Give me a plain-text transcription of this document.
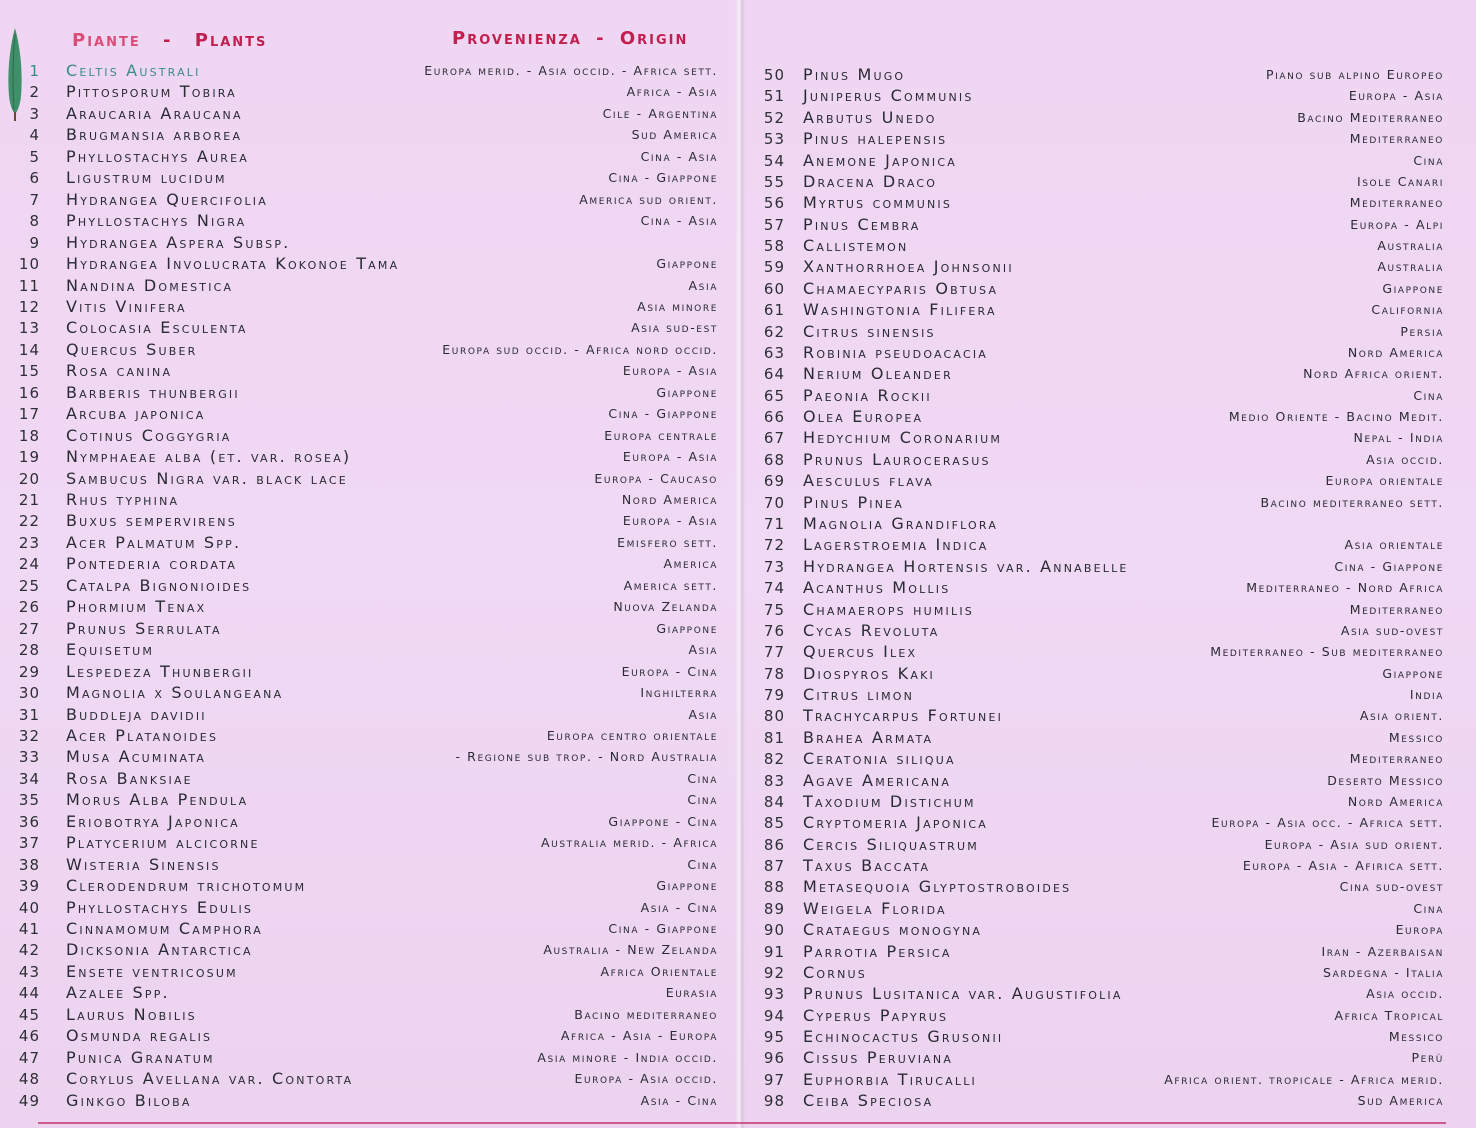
Piante - Plants	Provenienza - Origin
1 Celtis Australi	Europa merid. - Asia occid. - Africa sett.
2 Pittosporum Tobira	Africa - Asia
3 Araucaria Araucana	Cile - Argentina
4 Brugmansia arborea	Sud America
5 Phyllostachys Aurea	Cina - Asia
6 Ligustrum lucidum	Cina - Giappone
7 Hydrangea Quercifolia	America sud orient.
8 Phyllostachys Nigra	Cina - Asia
9 Hydrangea Aspera Subsp.
10 Hydrangea Involucrata Kokonoe Tama	Giappone
11 Nandina Domestica	Asia
12 Vitis Vinifera	Asia minore
13 Colocasia Esculenta	Asia sud-est
14 Quercus Suber	Europa sud occid. - Africa nord occid.
15 Rosa canina	Europa - Asia
16 Barberis thunbergii	Giappone
17 Arcuba japonica	Cina - Giappone
18 Cotinus Coggygria	Europa centrale
19 Nymphaeae alba (et. var. rosea)	Europa - Asia
20 Sambucus Nigra var. black lace	Europa - Caucaso
21 Rhus typhina	Nord America
22 Buxus sempervirens	Europa - Asia
23 Acer Palmatum Spp.	Emisfero sett.
24 Pontederia cordata	America
25 Catalpa Bignonioides	America sett.
26 Phormium Tenax	Nuova Zelanda
27 Prunus Serrulata	Giappone
28 Equisetum	Asia
29 Lespedeza Thunbergii	Europa - Cina
30 Magnolia x Soulangeana	Inghilterra
31 Buddleja davidii	Asia
32 Acer Platanoides	Europa centro orientale
33 Musa Acuminata	- Regione sub trop. - Nord Australia
34 Rosa Banksiae	Cina
35 Morus Alba Pendula	Cina
36 Eriobotrya Japonica	Giappone - Cina
37 Platycerium alcicorne	Australia merid. - Africa
38 Wisteria Sinensis	Cina
39 Clerodendrum trichotomum	Giappone
40 Phyllostachys Edulis	Asia - Cina
41 Cinnamomum Camphora	Cina - Giappone
42 Dicksonia Antarctica	Australia - New Zelanda
43 Ensete ventricosum	Africa Orientale
44 Azalee Spp.	Eurasia
45 Laurus Nobilis	Bacino mediterraneo
46 Osmunda regalis	Africa - Asia - Europa
47 Punica Granatum	Asia minore - India occid.
48 Corylus Avellana var. Contorta	Europa - Asia occid.
49 Ginkgo Biloba	Asia - Cina
50 Pinus Mugo	Piano sub alpino Europeo
51 Juniperus Communis	Europa - Asia
52 Arbutus Unedo	Bacino Mediterraneo
53 Pinus halepensis	Mediterraneo
54 Anemone Japonica	Cina
55 Dracena Draco	Isole Canari
56 Myrtus communis	Mediterraneo
57 Pinus Cembra	Europa - Alpi
58 Callistemon	Australia
59 Xanthorrhoea Johnsonii	Australia
60 Chamaecyparis Obtusa	Giappone
61 Washingtonia Filifera	California
62 Citrus sinensis	Persia
63 Robinia pseudoacacia	Nord America
64 Nerium Oleander	Nord Africa orient.
65 Paeonia Rockii	Cina
66 Olea Europea	Medio Oriente - Bacino Medit.
67 Hedychium Coronarium	Nepal - India
68 Prunus Laurocerasus	Asia occid.
69 Aesculus flava	Europa orientale
70 Pinus Pinea	Bacino mediterraneo sett.
71 Magnolia Grandiflora
72 Lagerstroemia Indica	Asia orientale
73 Hydrangea Hortensis var. Annabelle	Cina - Giappone
74 Acanthus Mollis	Mediterraneo - Nord Africa
75 Chamaerops humilis	Mediterraneo
76 Cycas Revoluta	Asia sud-ovest
77 Quercus Ilex	Mediterraneo - Sub mediterraneo
78 Diospyros Kaki	Giappone
79 Citrus limon	India
80 Trachycarpus Fortunei	Asia orient.
81 Brahea Armata	Messico
82 Ceratonia siliqua	Mediterraneo
83 Agave Americana	Deserto Messico
84 Taxodium Distichum	Nord America
85 Cryptomeria Japonica	Europa - Asia occ. - Africa sett.
86 Cercis Siliquastrum	Europa - Asia sud orient.
87 Taxus Baccata	Europa - Asia - Afirica sett.
88 Metasequoia Glyptostroboides	Cina sud-ovest
89 Weigela Florida	Cina
90 Crataegus monogyna	Europa
91 Parrotia Persica	Iran - Azerbaisan
92 Cornus	Sardegna - Italia
93 Prunus Lusitanica var. Augustifolia	Asia occid.
94 Cyperus Papyrus	Africa Tropical
95 Echinocactus Grusonii	Messico
96 Cissus Peruviana	Perù
97 Euphorbia Tirucalli	Africa orient. tropicale - Africa merid.
98 Ceiba Speciosa	Sud America
